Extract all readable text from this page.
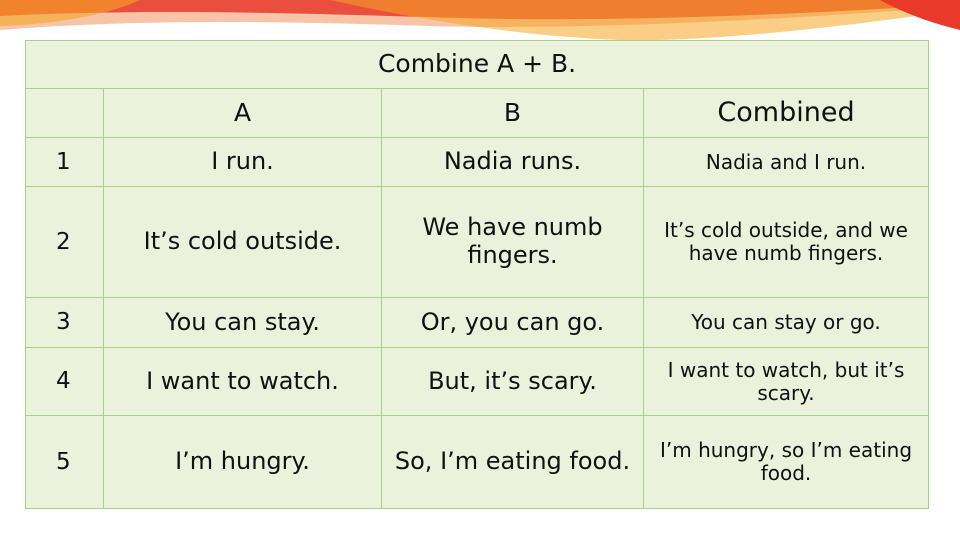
Combine A + B.			
	A	B	Combined
1	I run.	Nadia runs.	Nadia and I run.
2	It’s cold outside.	We have numb fingers.	It’s cold outside, and we have numb fingers.
3	You can stay.	Or, you can go.	You can stay or go.
4	I want to watch.	But, it’s scary.	I want to watch, but it’s scary.
5	I’m hungry.	So, I’m eating food.	I’m hungry, so I’m eating food.
